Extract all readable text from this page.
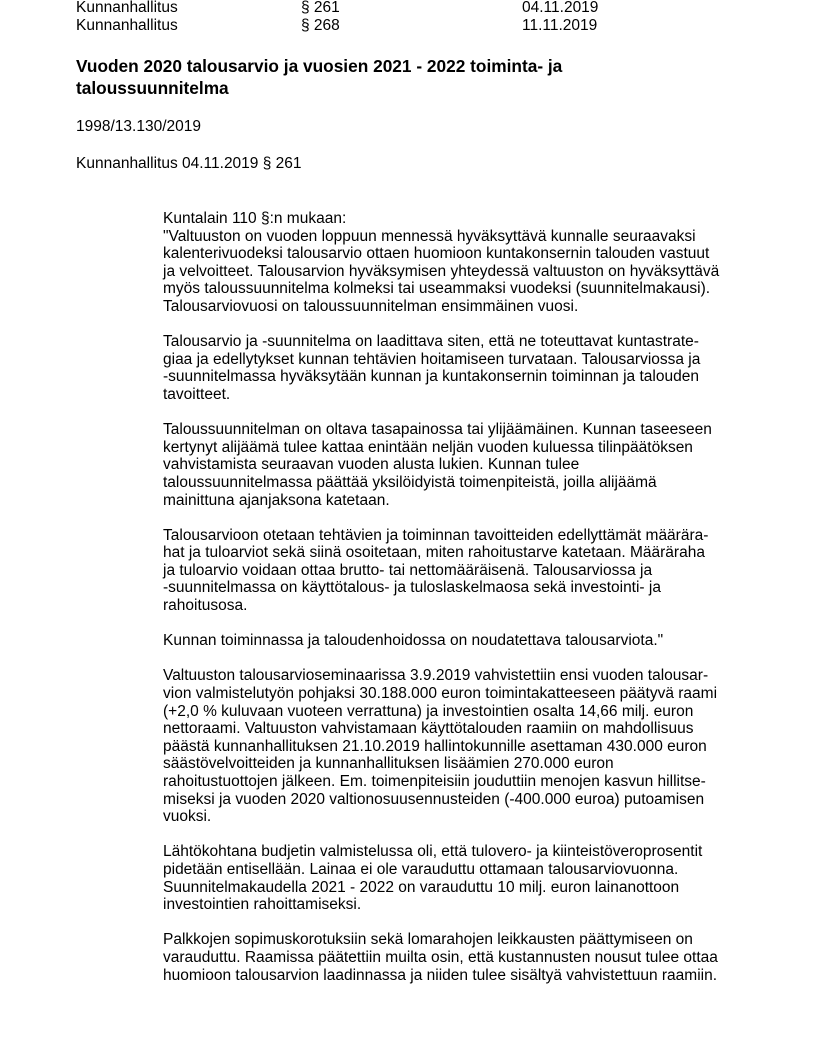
Kunnanhallitus	§ 261	04.11.2019
Kunnanhallitus	§ 268	11.11.2019
Vuoden 2020 talousarvio ja vuosien 2021 - 2022 toiminta- ja
taloussuunnitelma

1998/13.130/2019

Kunnanhallitus 04.11.2019 § 261

Kuntalain 110 §:n mukaan:
"Valtuuston on vuoden loppuun mennessä hyväksyttävä kunnalle seuraavaksi
kalenterivuodeksi talousarvio ottaen huomioon kuntakonsernin talouden vastuut
ja velvoitteet. Talousarvion hyväksymisen yhteydessä valtuuston on hyväksyttävä
myös taloussuunnitelma kolmeksi tai useammaksi vuodeksi (suunnitelmakausi).
Talousarviovuosi on taloussuunnitelman ensimmäinen vuosi.

Talousarvio ja -suunnitelma on laadittava siten, että ne toteuttavat kuntastrate-
giaa ja edellytykset kunnan tehtävien hoitamiseen turvataan. Talousarviossa ja
-suunnitelmassa hyväksytään kunnan ja kuntakonsernin toiminnan ja talouden
tavoitteet.

Taloussuunnitelman on oltava tasapainossa tai ylijäämäinen. Kunnan taseeseen
kertynyt alijäämä tulee kattaa enintään neljän vuoden kuluessa tilinpäätöksen
vahvistamista seuraavan vuoden alusta lukien. Kunnan tulee
taloussuunnitelmassa päättää yksilöidyistä toimenpiteistä, joilla alijäämä
mainittuna ajanjaksona katetaan.

Talousarvioon otetaan tehtävien ja toiminnan tavoitteiden edellyttämät määrära-
hat ja tuloarviot sekä siinä osoitetaan, miten rahoitustarve katetaan. Määräraha
ja tuloarvio voidaan ottaa brutto- tai nettomääräisenä. Talousarviossa ja
-suunnitelmassa on käyttötalous- ja tuloslaskelmaosa sekä investointi- ja
rahoitusosa.

Kunnan toiminnassa ja taloudenhoidossa on noudatettava talousarviota."

Valtuuston talousarvioseminaarissa 3.9.2019 vahvistettiin ensi vuoden talousar-
vion valmistelutyön pohjaksi 30.188.000 euron toimintakatteeseen päätyvä raami
(+2,0 % kuluvaan vuoteen verrattuna) ja investointien osalta 14,66 milj. euron
nettoraami. Valtuuston vahvistamaan käyttötalouden raamiin on mahdollisuus
päästä kunnanhallituksen 21.10.2019 hallintokunnille asettaman 430.000 euron
säästövelvoitteiden ja kunnanhallituksen lisäämien 270.000 euron
rahoitustuottojen jälkeen. Em. toimenpiteisiin jouduttiin menojen kasvun hillitse-
miseksi ja vuoden 2020 valtionosuusennusteiden (-400.000 euroa) putoamisen
vuoksi.

Lähtökohtana budjetin valmistelussa oli, että tulovero- ja kiinteistöveroprosentit
pidetään entisellään. Lainaa ei ole varauduttu ottamaan talousarviovuonna.
Suunnitelmakaudella 2021 - 2022 on varauduttu 10 milj. euron lainanottoon
investointien rahoittamiseksi.

Palkkojen sopimuskorotuksiin sekä lomarahojen leikkausten päättymiseen on
varauduttu. Raamissa päätettiin muilta osin, että kustannusten nousut tulee ottaa
huomioon talousarvion laadinnassa ja niiden tulee sisältyä vahvistettuun raamiin.
